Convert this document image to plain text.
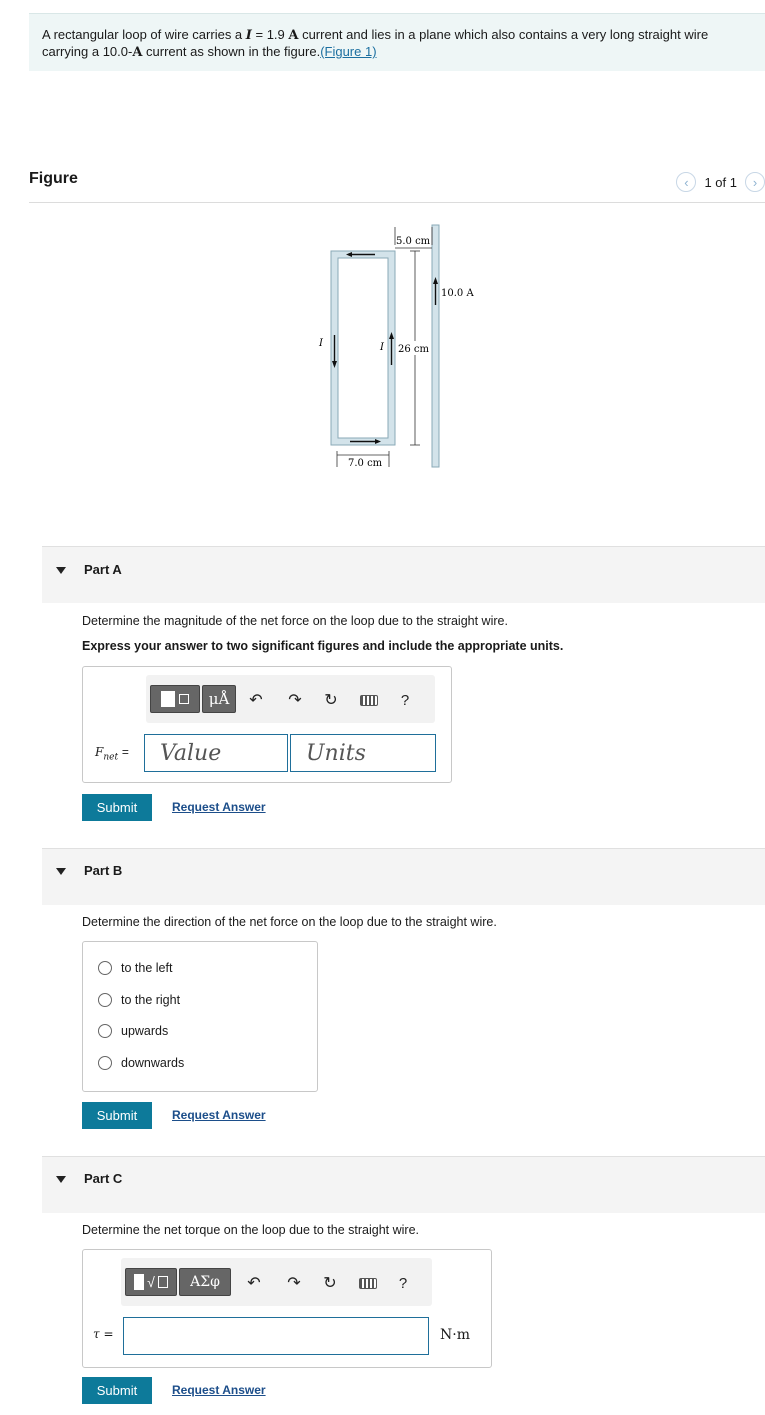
A rectangular loop of wire carries a I = 1.9 A current and lies in a plane which also contains a very long straight wire
carrying a 10.0-A current as shown in the figure.(Figure 1)
Figure	‹ 1 of 1 ›
5.0 cm
26 cm
7.0 cm
10.0 A
I	I
Part A
Determine the magnitude of the net force on the loop due to the straight wire.
Express your answer to two significant figures and include the appropriate units.
μÅ	↶ ↷ ↻	?
$F_{net}$ =	Value	Units
Submit	Request Answer
Part B
Determine the direction of the net force on the loop due to the straight wire.
to the left
to the right
upwards
downwards
Submit	Request Answer
Part C
Determine the net torque on the loop due to the straight wire.
√	ΑΣφ	↶ ↷ ↻	?
τ =	N·m
Submit	Request Answer
